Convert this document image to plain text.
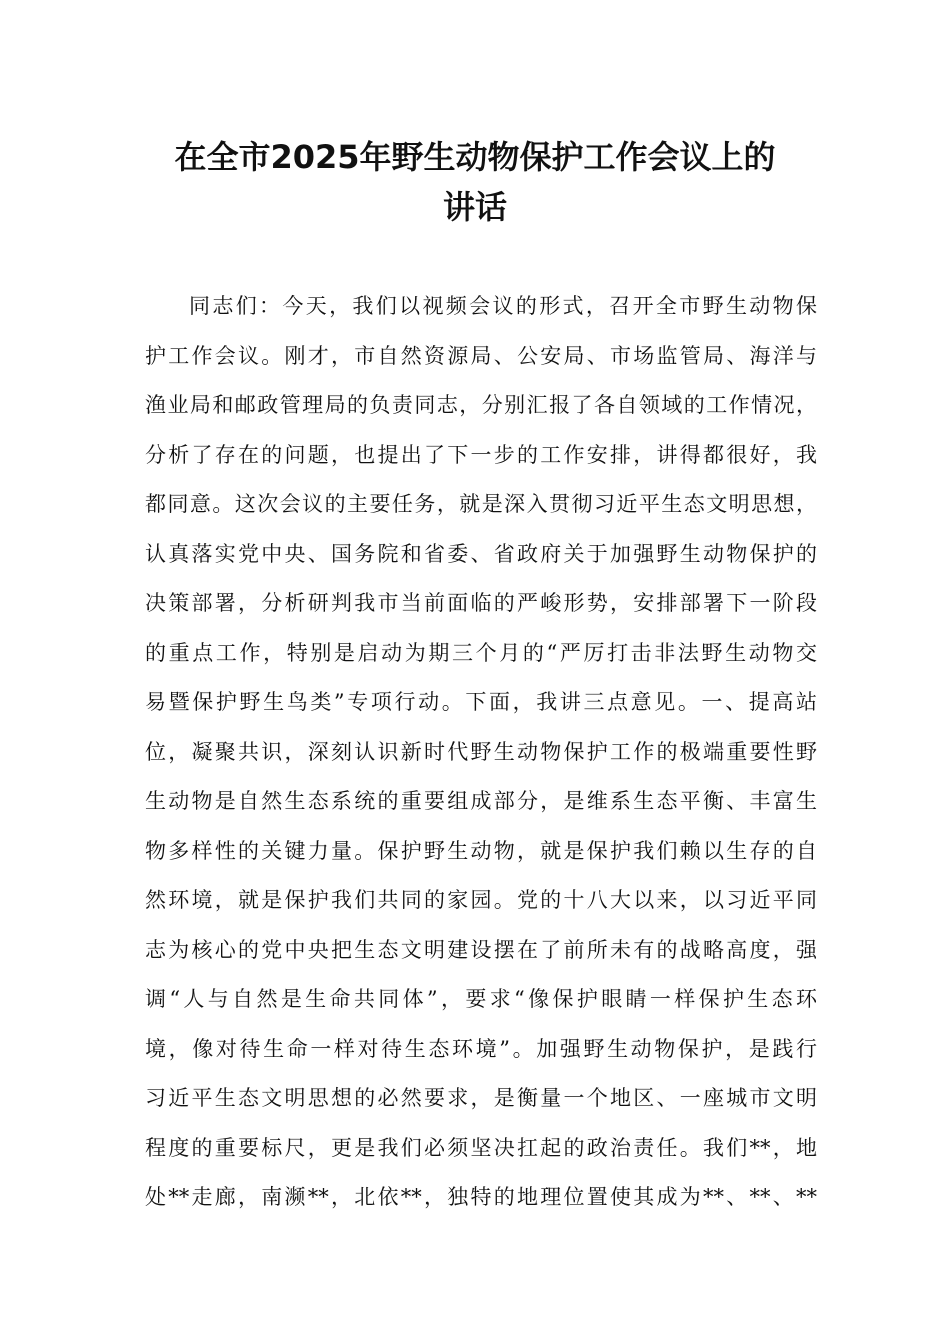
在全市2025年野生动物保护工作会议上的
讲话
同志们：今天，我们以视频会议的形式，召开全市野生动物保
护工作会议。刚才，市自然资源局、公安局、市场监管局、海洋与
渔业局和邮政管理局的负责同志，分别汇报了各自领域的工作情况，
分析了存在的问题，也提出了下一步的工作安排，讲得都很好，我
都同意。这次会议的主要任务，就是深入贯彻习近平生态文明思想，
认真落实党中央、国务院和省委、省政府关于加强野生动物保护的
决策部署，分析研判我市当前面临的严峻形势，安排部署下一阶段
的重点工作，特别是启动为期三个月的“严厉打击非法野生动物交
易暨保护野生鸟类”专项行动。下面，我讲三点意见。一、提高站
位，凝聚共识，深刻认识新时代野生动物保护工作的极端重要性野
生动物是自然生态系统的重要组成部分，是维系生态平衡、丰富生
物多样性的关键力量。保护野生动物，就是保护我们赖以生存的自
然环境，就是保护我们共同的家园。党的十八大以来，以习近平同
志为核心的党中央把生态文明建设摆在了前所未有的战略高度，强
调“人与自然是生命共同体”，要求“像保护眼睛一样保护生态环
境，像对待生命一样对待生态环境”。加强野生动物保护，是践行
习近平生态文明思想的必然要求，是衡量一个地区、一座城市文明
程度的重要标尺，更是我们必须坚决扛起的政治责任。我们**，地
处**走廊，南濒**，北依**，独特的地理位置使其成为**、**、**
